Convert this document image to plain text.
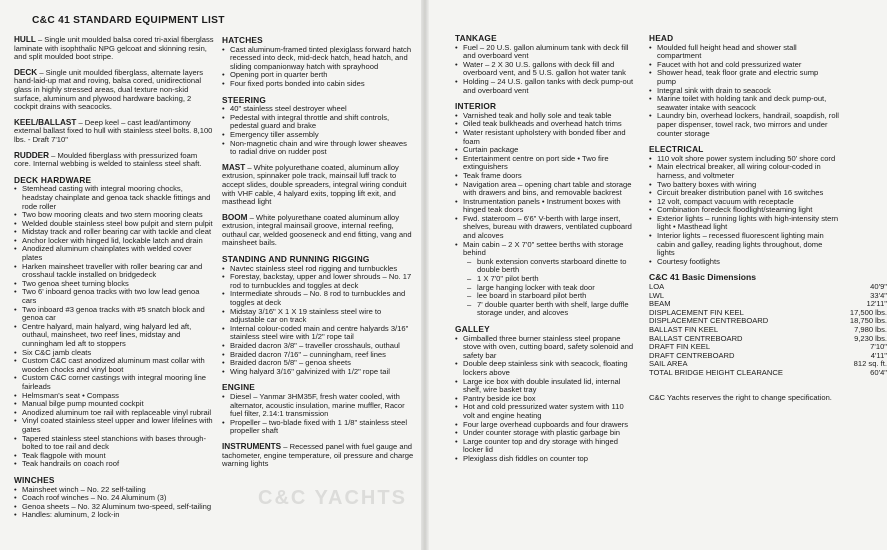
C&C YACHTS
C&C 41 STANDARD EQUIPMENT LIST
HULL – Single unit moulded balsa cored tri-axial fiberglass laminate with isophthalic NPG gelcoat and skinning resin, and split moulded boot stripe.
DECK – Single unit moulded fiberglass, alternate layers hand-laid-up mat and roving, balsa cored, unidirectional glass in highly stressed areas, dual texture non-skid surface, aluminum and plywood hardware backing, 2 cockpit drains with seacocks.
KEEL/BALLAST – Deep keel – cast lead/antimony external ballast fixed to hull with stainless steel bolts. 8,100 lbs. - Draft 7'10"
RUDDER – Moulded fiberglass with pressurized foam core. Internal webbing is welded to stainless steel shaft.
DECK HARDWARE
• Stemhead casting with integral mooring chocks, headstay chainplate and genoa tack shackle fittings and rode roller
• Two bow mooring cleats and two stern mooring cleats
• Welded double stainless steel bow pulpit and stern pulpit
• Midstay track and roller bearing car with tackle and cleat
• Anchor locker with hinged lid, lockable latch and drain
• Anodized aluminum chainplates with welded cover plates
• Harken mainsheet traveller with roller bearing car and crosshaul tackle installed on bridgedeck
• Two genoa sheet turning blocks
• Two 6' inboard genoa tracks with two low lead genoa cars
• Two inboard #3 genoa tracks with #5 snatch block and genoa car
• Centre halyard, main halyard, wing halyard led aft, outhaul, mainsheet, two reef lines, midstay and cunningham led aft to stoppers
• Six C&C jamb cleats
• Custom C&C cast anodized aluminum mast collar with wooden chocks and vinyl boot
• Custom C&C corner castings with integral mooring line fairleads
• Helmsman's seat • Compass
• Manual bilge pump mounted cockpit
• Anodized aluminum toe rail with replaceable vinyl rubrail
• Vinyl coated stainless steel upper and lower lifelines with gates
• Tapered stainless steel stanchions with bases through-bolted to toe rail and deck
• Teak flagpole with mount
• Teak handrails on coach roof
WINCHES
• Mainsheet winch – No. 22 self-tailing
• Coach roof winches – No. 24 Aluminum (3)
• Genoa sheets – No. 32 Aluminum two-speed, self-tailing
• Handles: aluminum, 2 lock-in
HATCHES
• Cast aluminum-framed tinted plexiglass forward hatch recessed into deck, mid-deck hatch, head hatch, and sliding companionway hatch with sprayhood
• Opening port in quarter berth
• Four fixed ports bonded into cabin sides
STEERING
• 40" stainless steel destroyer wheel
• Pedestal with integral throttle and shift controls, pedestal guard and brake
• Emergency tiller assembly
• Non-magnetic chain and wire through lower sheaves to radial drive on rudder post
MAST – White polyurethane coated, aluminum alloy extrusion, spinnaker pole track, mainsail luff track to accept slides, double spreaders, integral wiring conduit with VHF cable, 4 halyard exits, topping lift exit, and masthead light
BOOM – White polyurethane coated aluminum alloy extrusion, integral mainsail groove, internal reefing, outhaul car, welded gooseneck and end fitting, vang and mainsheet bails.
STANDING AND RUNNING RIGGING
• Navtec stainless steel rod rigging and turnbuckles
• Forestay, backstay, upper and lower shrouds – No. 17 rod to turnbuckles and toggles at deck
• Intermediate shrouds – No. 8 rod to turnbuckles and toggles at deck
• Midstay 3/16" X 1 X 19 stainless steel wire to adjustable car on track
• Internal colour-coded main and centre halyards 3/16" stainless steel wire with 1/2" rope tail
• Braided dacron 3/8" – traveller crosshauls, outhaul
• Braided dacron 7/16" – cunningham, reef lines
• Braided dacron 5/8" – genoa sheets
• Wing halyard 3/16" galvinized with 1/2" rope tail
ENGINE
• Diesel – Yanmar 3HM35F, fresh water cooled, with alternator, acoustic insulation, marine muffler, Racor fuel filter, 2.14:1 transmission
• Propeller – two-blade fixed with 1 1/8" stainless steel propeller shaft
INSTRUMENTS – Recessed panel with fuel gauge and tachometer, engine temperature, oil pressure and charge warning lights
TANKAGE
• Fuel – 20 U.S. gallon aluminum tank with deck fill and overboard vent
• Water – 2 X 30 U.S. gallons with deck fill and overboard vent, and 5 U.S. gallon hot water tank
• Holding – 24 U.S. gallon tanks with deck pump-out and overboard vent
INTERIOR
• Varnished teak and holly sole and teak table
• Oiled teak bulkheads and overhead hatch trims
• Water resistant upholstery with bonded fiber and foam
• Curtain package
• Entertainment centre on port side • Two fire extinguishers
• Teak frame doors
• Navigation area – opening chart table and storage with drawers and bins, and removable backrest
• Instrumentation panels • Instrument boxes with hinged teak doors
• Fwd. stateroom – 6'6" V-berth with large insert, shelves, bureau with drawers, ventilated cupboard and alcoves
• Main cabin – 2 X 7'0" settee berths with storage behind
– bunk extension converts starboard dinette to double berth
– 1 X 7'0" pilot berth
– large hanging locker with teak door
– lee board in starboard pilot berth
– 7' double quarter berth with shelf, large duffle storage under, and alcoves
GALLEY
• Gimballed three burner stainless steel propane stove with oven, cutting board, safety solenoid and safety bar
• Double deep stainless sink with seacock, floating lockers above
• Large ice box with double insulated lid, internal shelf, wire basket tray
• Pantry beside ice box
• Hot and cold pressurized water system with 110 volt and engine heating
• Four large overhead cupboards and four drawers
• Under counter storage with plastic garbage bin
• Large counter top and dry storage with hinged locker lid
• Plexiglass dish fiddles on counter top
HEAD
• Moulded full height head and shower stall compartment
• Faucet with hot and cold pressurized water
• Shower head, teak floor grate and electric sump pump
• Integral sink with drain to seacock
• Marine toilet with holding tank and deck pump-out, seawater intake with seacock
• Laundry bin, overhead lockers, handrail, soapdish, roll paper dispenser, towel rack, two mirrors and under counter storage
ELECTRICAL
• 110 volt shore power system including 50' shore cord
• Main electrical breaker, all wiring colour-coded in harness, and voltmeter
• Two battery boxes with wiring
• Circuit breaker distribution panel with 16 switches
• 12 volt, compact vacuum with receptacle
• Combination foredeck floodlight/steaming light
• Exterior lights – running lights with high-intensity stern light • Masthead light
• Interior lights – recessed fluorescent lighting main cabin and galley, reading lights throughout, dome lights
• Courtesy footlights
C&C 41 Basic Dimensions
LOA	40'9"
LWL	33'4"
BEAM	12'11"
DISPLACEMENT FIN KEEL	17,500 lbs.
DISPLACEMENT CENTREBOARD	18,750 lbs.
BALLAST FIN KEEL	7,980 lbs.
BALLAST CENTREBOARD	9,230 lbs.
DRAFT FIN KEEL	7'10"
DRAFT CENTREBOARD	4'11"
SAIL AREA	812 sq. ft.
TOTAL BRIDGE HEIGHT CLEARANCE	60'4"
C&C Yachts reserves the right to change specification.
